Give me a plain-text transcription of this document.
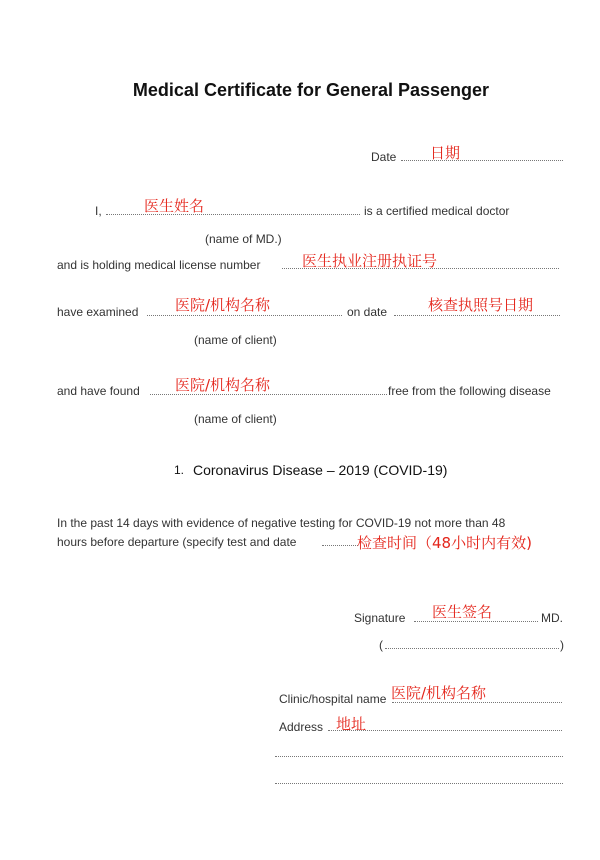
Medical Certificate for General Passenger
Date 日期
I,	医生姓名	is a certified medical doctor
(name of MD.)
and is holding medical license number	医生执业注册执证号
have examined 医院/机构名称	on date	核查执照号日期
(name of client)
and have found 医院/机构名称	free from the following disease
(name of client)
1. Coronavirus Disease – 2019 (COVID-19)
In the past 14 days with evidence of negative testing for COVID-19 not more than 48
hours before departure (specify test and date	检查时间（48小时内有效)
Signature 医生签名	MD.
(	)
Clinic/hospital name 医院/机构名称
Address 地址
